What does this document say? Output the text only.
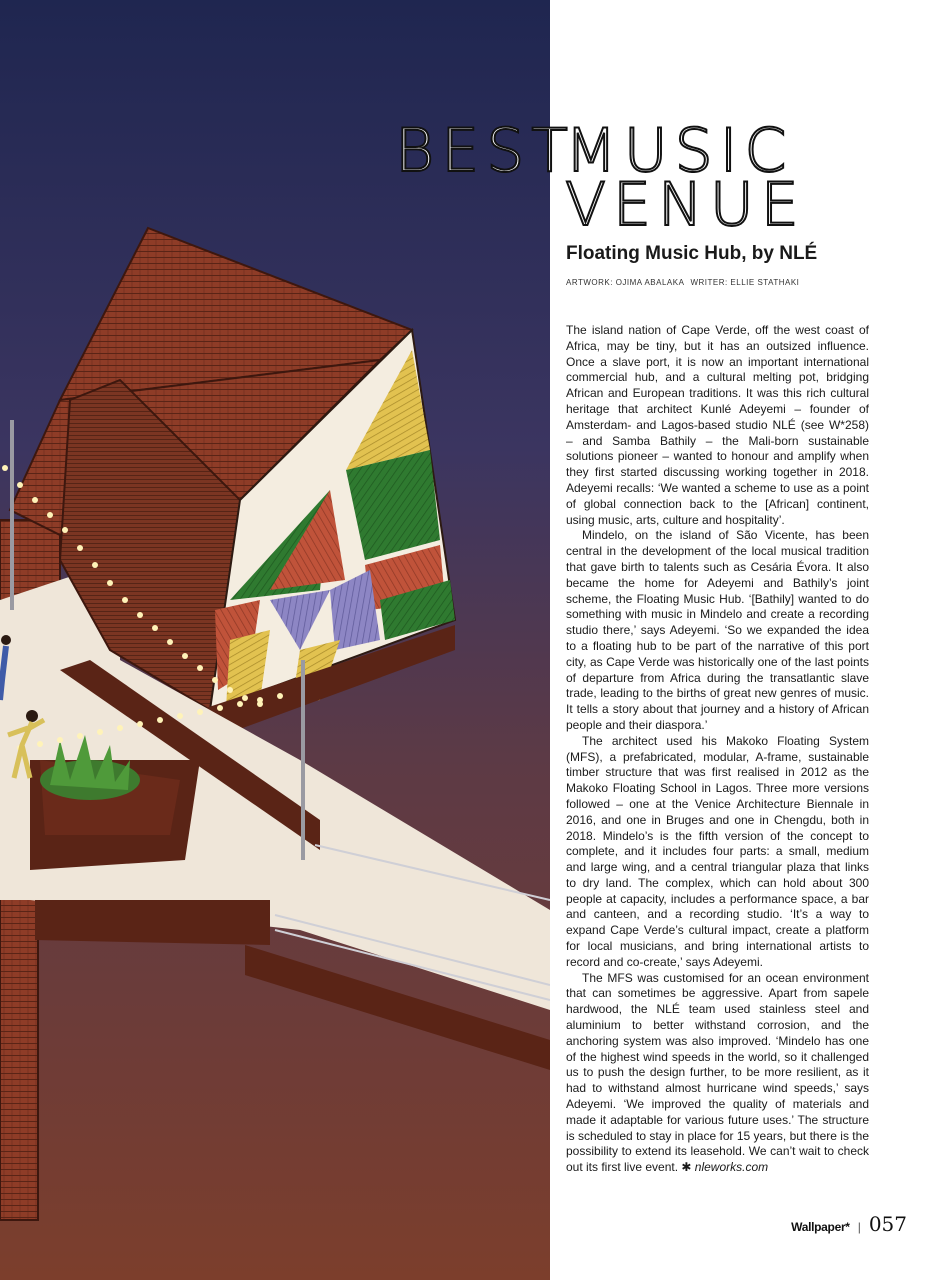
BESTMUSIC
VENUE
Floating Music Hub, by NLÉ
ARTWORK: OJIMA ABALAKA WRITER: ELLIE STATHAKI

The island nation of Cape Verde, off the west coast of Africa, may be tiny, but it has an outsized influence. Once a slave port, it is now an important international commercial hub, and a cultural melting pot, bridging African and European traditions. It was this rich cultural heritage that architect Kunlé Adeyemi – founder of Amsterdam- and Lagos-based studio NLÉ (see W*258) – and Samba Bathily – the Mali-born sustainable solutions pioneer – wanted to honour and amplify when they first started discussing working together in 2018. Adeyemi recalls: ‘We wanted a scheme to use as a point of global connection back to the [African] continent, using music, arts, culture and hospitality’.

Mindelo, on the island of São Vicente, has been central in the development of the local musical tradition that gave birth to talents such as Cesária Évora. It also became the home for Adeyemi and Bathily’s joint scheme, the Floating Music Hub. ‘[Bathily] wanted to do something with music in Mindelo and create a recording studio there,’ says Adeyemi. ‘So we expanded the idea to a floating hub to be part of the narrative of this port city, as Cape Verde was historically one of the last points of departure from Africa during the transatlantic slave trade, leading to the births of great new genres of music. It tells a story about that journey and a history of African people and their diaspora.’

The architect used his Makoko Floating System (MFS), a prefabricated, modular, A-frame, sustainable timber structure that was first realised in 2012 as the Makoko Floating School in Lagos. Three more versions followed – one at the Venice Architecture Biennale in 2016, and one in Bruges and one in Chengdu, both in 2018. Mindelo’s is the fifth version of the concept to complete, and it includes four parts: a small, medium and large wing, and a central triangular plaza that links to dry land. The complex, which can hold about 300 people at capacity, includes a performance space, a bar and canteen, and a recording studio. ‘It’s a way to expand Cape Verde’s cultural impact, create a platform for local musicians, and bring international artists to record and co-create,’ says Adeyemi.

The MFS was customised for an ocean environment that can sometimes be aggressive. Apart from sapele hardwood, the NLÉ team used stainless steel and aluminium to better withstand corrosion, and the anchoring system was also improved. ‘Mindelo has one of the highest wind speeds in the world, so it challenged us to push the design further, to be more resilient, as it had to withstand almost hurricane wind speeds,’ says Adeyemi. ‘We improved the quality of materials and made it adaptable for various future uses.’ The structure is scheduled to stay in place for 15 years, but there is the possibility to extend its leasehold. We can’t wait to check out its first live event. ✱ nleworks.com

Wallpaper* | 057
